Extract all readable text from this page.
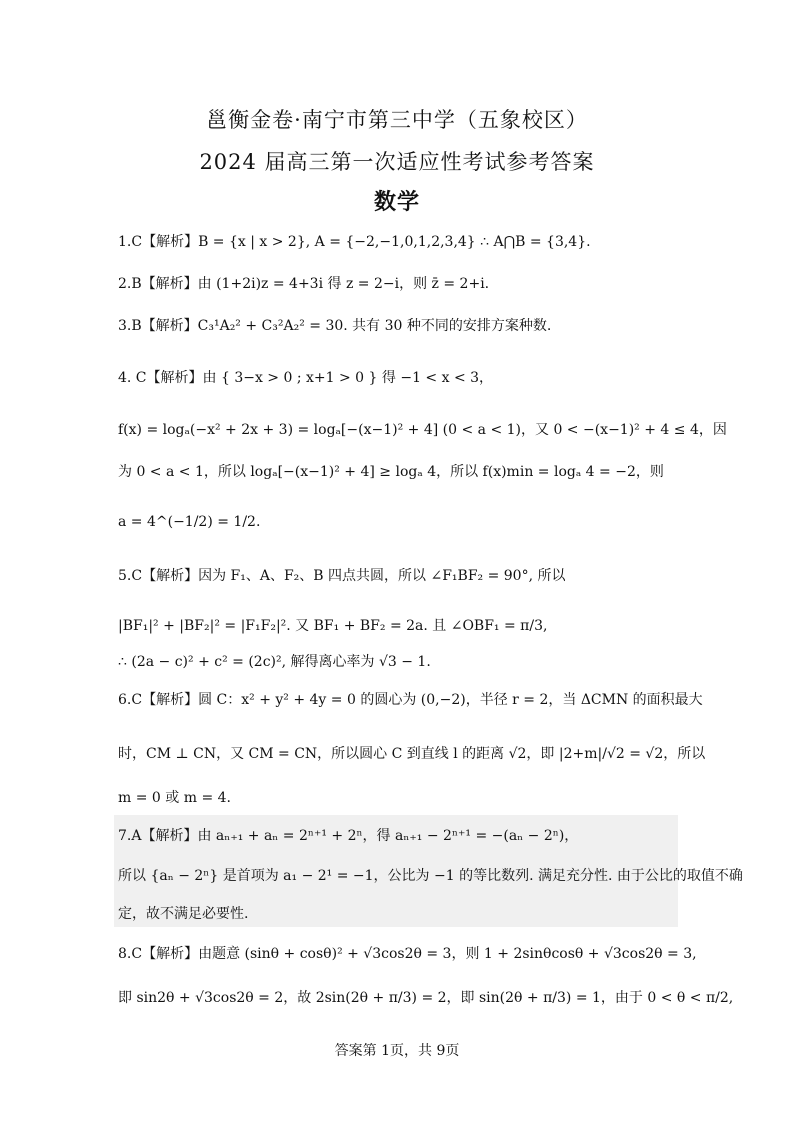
邕衡金卷·南宁市第三中学（五象校区）
2024 届高三第一次适应性考试参考答案
数学
1.C【解析】B = {x | x > 2}, A = {−2,−1,0,1,2,3,4} ∴ A⋂B = {3,4}.
2.B【解析】由 (1+2i)z = 4+3i 得 z = 2−i，则 z̄ = 2+i.
3.B【解析】C₃¹A₂² + C₃²A₂² = 30. 共有 30 种不同的安排方案种数.
4. C【解析】由 { 3−x > 0 ; x+1 > 0 } 得 −1 < x < 3，
f(x) = logₐ(−x² + 2x + 3) = logₐ[−(x−1)² + 4] (0 < a < 1)，又 0 < −(x−1)² + 4 ≤ 4，因
为 0 < a < 1，所以 logₐ[−(x−1)² + 4] ≥ logₐ 4，所以 f(x)min = logₐ 4 = −2，则
a = 4^(−1/2) = 1/2.
5.C【解析】因为 F₁、A、F₂、B 四点共圆，所以 ∠F₁BF₂ = 90°, 所以
|BF₁|² + |BF₂|² = |F₁F₂|². 又 BF₁ + BF₂ = 2a. 且 ∠OBF₁ = π/3,
∴ (2a − c)² + c² = (2c)², 解得离心率为 √3 − 1.
6.C【解析】圆 C：x² + y² + 4y = 0 的圆心为 (0,−2)，半径 r = 2，当 ΔCMN 的面积最大
时，CM ⊥ CN，又 CM = CN，所以圆心 C 到直线 l 的距离 √2，即 |2+m|/√2 = √2，所以
m = 0 或 m = 4.
7.A【解析】由 aₙ₊₁ + aₙ = 2ⁿ⁺¹ + 2ⁿ，得 aₙ₊₁ − 2ⁿ⁺¹ = −(aₙ − 2ⁿ)，
所以 {aₙ − 2ⁿ} 是首项为 a₁ − 2¹ = −1，公比为 −1 的等比数列. 满足充分性. 由于公比的取值不确
定，故不满足必要性.
8.C【解析】由题意 (sinθ + cosθ)² + √3cos2θ = 3，则 1 + 2sinθcosθ + √3cos2θ = 3,
即 sin2θ + √3cos2θ = 2，故 2sin(2θ + π/3) = 2，即 sin(2θ + π/3) = 1，由于 0 < θ < π/2,
答案第 1页，共 9页
